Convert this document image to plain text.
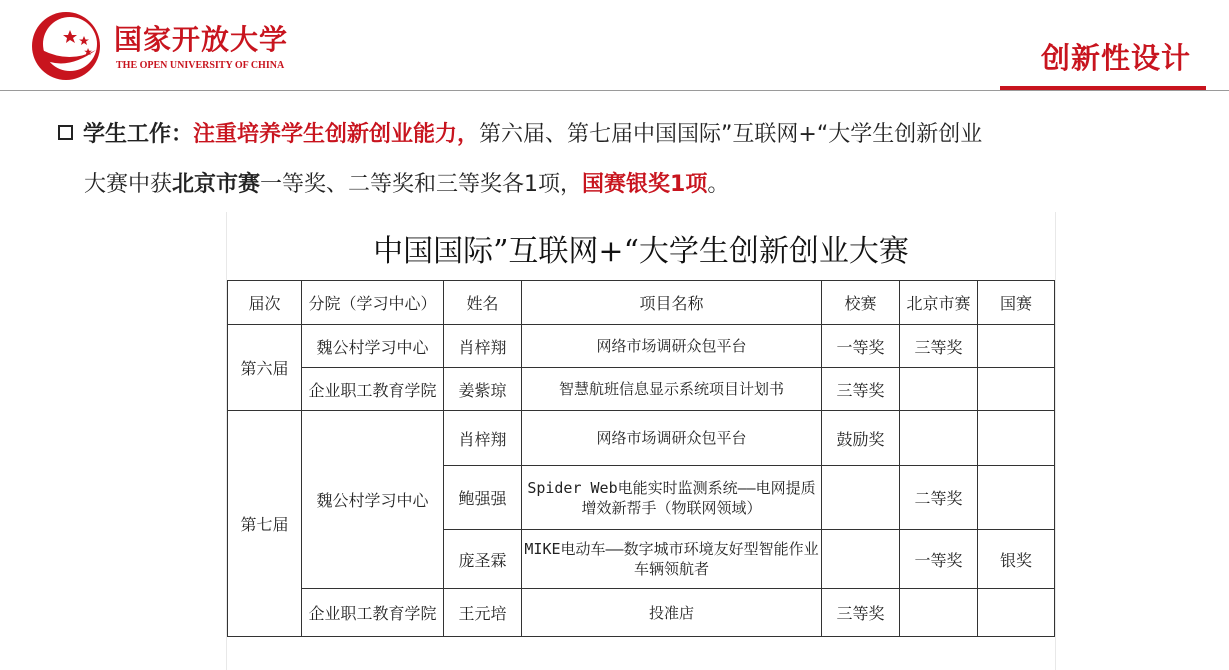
国家开放大学
THE OPEN UNIVERSITY OF CHINA	创新性设计
学生工作：注重培养学生创新创业能力，第六届、第七届中国国际”互联网+“大学生创新创业
大赛中获北京市赛一等奖、二等奖和三等奖各1项，国赛银奖1项。
中国国际”互联网+“大学生创新创业大赛
届次	分院（学习中心）	姓名	项目名称	校赛	北京市赛	国赛
第六届	魏公村学习中心	肖梓翔	网络市场调研众包平台	一等奖	三等奖	
	企业职工教育学院	姜紫琼	智慧航班信息显示系统项目计划书	三等奖		
第七届	魏公村学习中心	肖梓翔	网络市场调研众包平台	鼓励奖		
		鲍强强	Spider Web电能实时监测系统——电网提质增效新帮手（物联网领域）		二等奖	
		庞圣霖	MIKE电动车——数字城市环境友好型智能作业车辆领航者		一等奖	银奖
	企业职工教育学院	王元培	投准店	三等奖		
